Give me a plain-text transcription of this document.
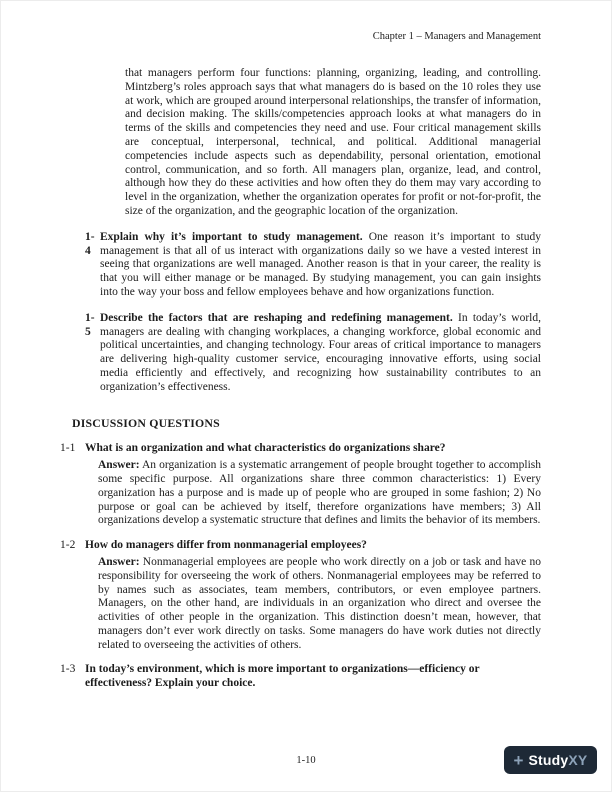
Chapter 1 – Managers and Management

that managers perform four functions: planning, organizing, leading, and controlling. Mintzberg’s roles approach says that what managers do is based on the 10 roles they use at work, which are grouped around interpersonal relationships, the transfer of information, and decision making. The skills/competencies approach looks at what managers do in terms of the skills and competencies they need and use. Four critical management skills are conceptual, interpersonal, technical, and political. Additional managerial competencies include aspects such as dependability, personal orientation, emotional control, communication, and so forth. All managers plan, organize, lead, and control, although how they do these activities and how often they do them may vary according to level in the organization, whether the organization operates for profit or not-for-profit, the size of the organization, and the geographic location of the organization.

1-4
Explain why it’s important to study management. One reason it’s important to study management is that all of us interact with organizations daily so we have a vested interest in seeing that organizations are well managed. Another reason is that in your career, the reality is that you will either manage or be managed. By studying management, you can gain insights into the way your boss and fellow employees behave and how organizations function.
1-5
Describe the factors that are reshaping and redefining management. In today’s world, managers are dealing with changing workplaces, a changing workforce, global economic and political uncertainties, and changing technology. Four areas of critical importance to managers are delivering high-quality customer service, encouraging innovative efforts, using social media efficiently and effectively, and recognizing how sustainability contributes to an organization’s effectiveness.
DISCUSSION QUESTIONS
1-1 What is an organization and what characteristics do organizations share?

Answer: An organization is a systematic arrangement of people brought together to accomplish some specific purpose. All organizations share three common characteristics: 1) Every organization has a purpose and is made up of people who are grouped in some fashion; 2) No purpose or goal can be achieved by itself, therefore organizations have members; 3) All organizations develop a systematic structure that defines and limits the behavior of its members.

1-2 How do managers differ from nonmanagerial employees?

Answer: Nonmanagerial employees are people who work directly on a job or task and have no responsibility for overseeing the work of others. Nonmanagerial employees may be referred to by names such as associates, team members, contributors, or even employee partners. Managers, on the other hand, are individuals in an organization who direct and oversee the activities of other people in the organization. This distinction doesn’t mean, however, that managers don’t ever work directly on tasks. Some managers do have work duties not directly related to overseeing the activities of others.

1-3 In today’s environment, which is more important to organizations—efficiency or effectiveness? Explain your choice.
1-10	+ Study XY
